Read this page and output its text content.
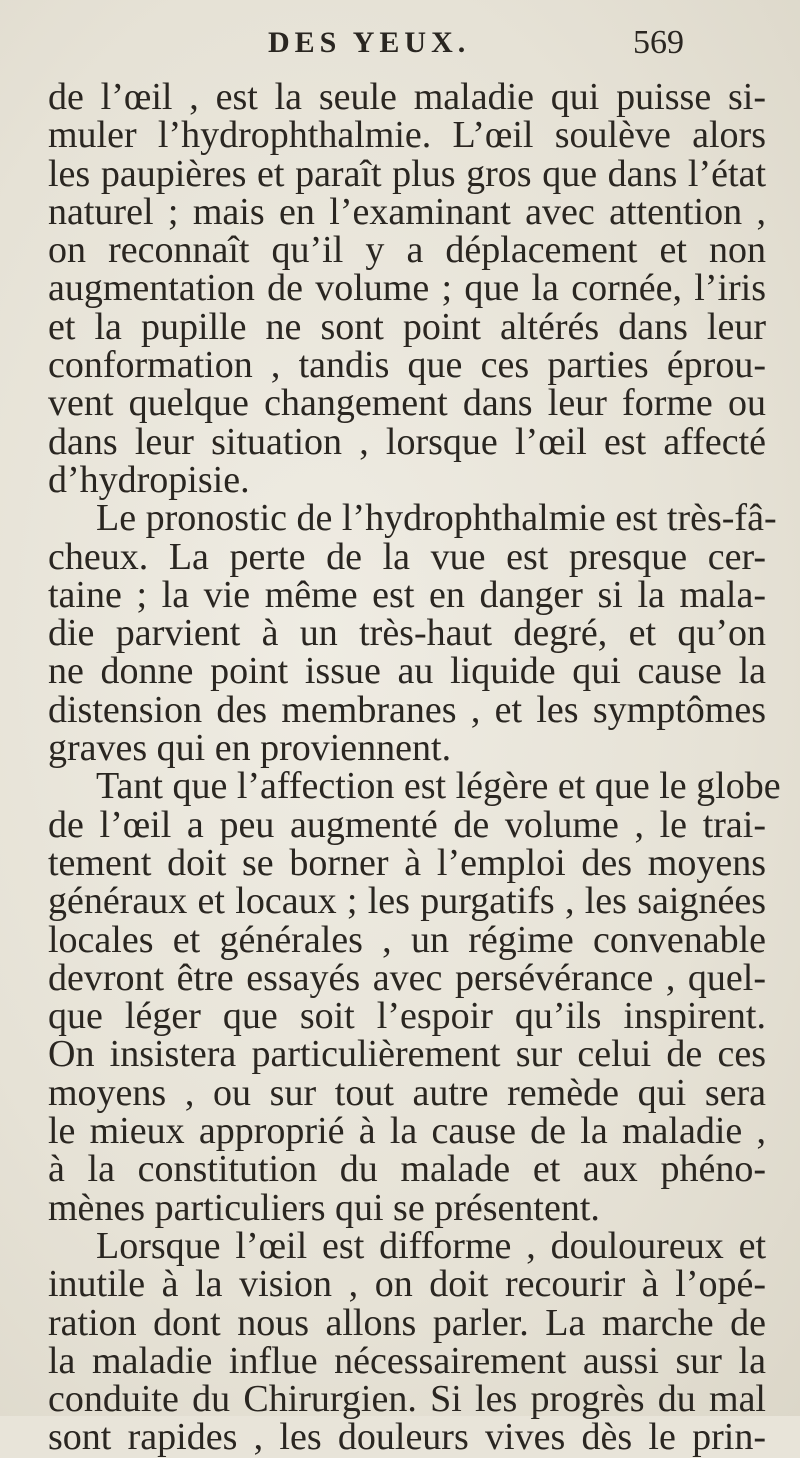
DES YEUX.	569
de l’œil , est la seule maladie qui puisse si-
muler l’hydrophthalmie. L’œil soulève alors
les paupières et paraît plus gros que dans l’état
naturel ; mais en l’examinant avec attention ,
on reconnaît qu’il y a déplacement et non
augmentation de volume ; que la cornée, l’iris
et la pupille ne sont point altérés dans leur
conformation , tandis que ces parties éprou-
vent quelque changement dans leur forme ou
dans leur situation , lorsque l’œil est affecté
d’hydropisie.
Le pronostic de l’hydrophthalmie est très-fâ-
cheux. La perte de la vue est presque cer-
taine ; la vie même est en danger si la mala-
die parvient à un très-haut degré, et qu’on
ne donne point issue au liquide qui cause la
distension des membranes , et les symptômes
graves qui en proviennent.
Tant que l’affection est légère et que le globe
de l’œil a peu augmenté de volume , le trai-
tement doit se borner à l’emploi des moyens
généraux et locaux ; les purgatifs , les saignées
locales et générales , un régime convenable
devront être essayés avec persévérance , quel-
que léger que soit l’espoir qu’ils inspirent.
On insistera particulièrement sur celui de ces
moyens , ou sur tout autre remède qui sera
le mieux approprié à la cause de la maladie ,
à la constitution du malade et aux phéno-
mènes particuliers qui se présentent.
Lorsque l’œil est difforme , douloureux et
inutile à la vision , on doit recourir à l’opé-
ration dont nous allons parler. La marche de
la maladie influe nécessairement aussi sur la
conduite du Chirurgien. Si les progrès du mal
sont rapides , les douleurs vives dès le prin-
